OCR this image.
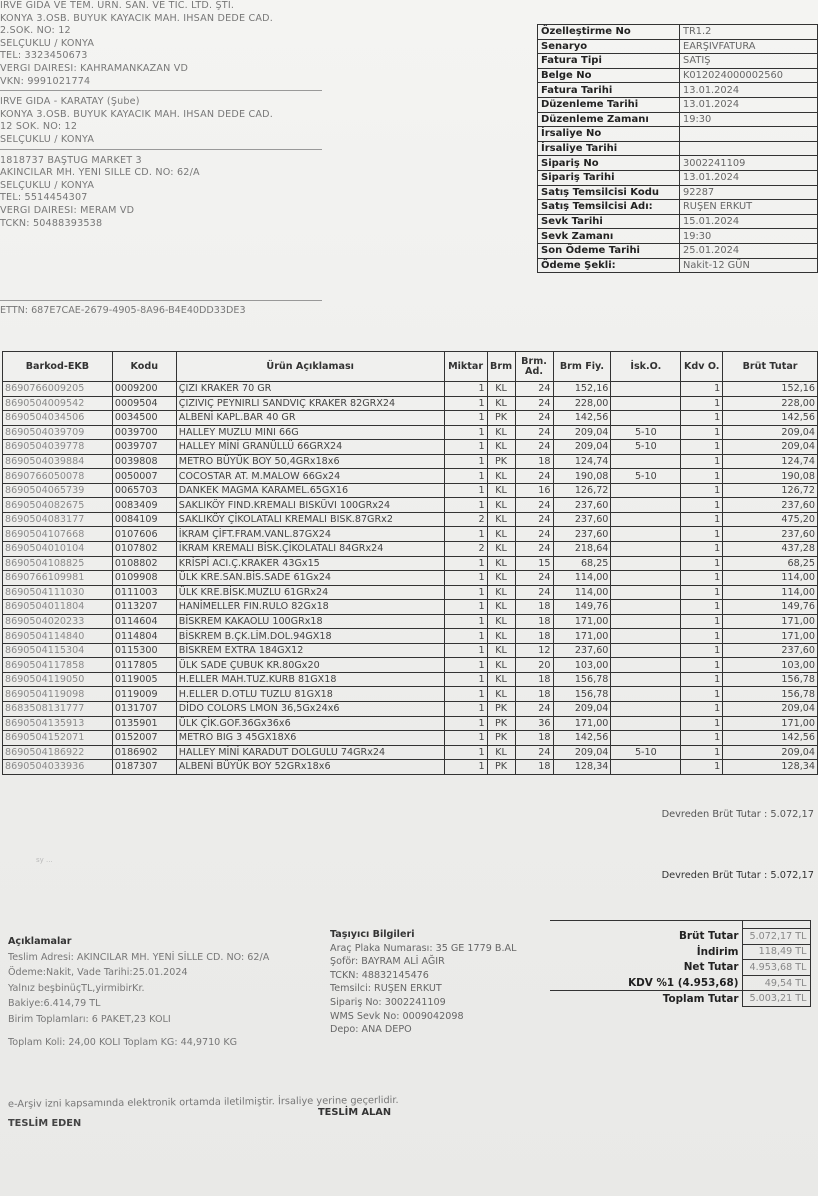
İRVE GIDA VE TEM. ÜRN. SAN. VE TİC. LTD. ŞTİ.
KONYA 3.OSB. BUYUK KAYACIK MAH. IHSAN DEDE CAD.
2.SOK. NO: 12
SELÇUKLU / KONYA
TEL: 3323450673
VERGI DAIRESI: KAHRAMANKAZAN VD
VKN: 9991021774
İRVE GIDA - KARATAY (Şube)
KONYA 3.OSB. BUYUK KAYACIK MAH. IHSAN DEDE CAD.
12 SOK. NO: 12
SELÇUKLU / KONYA
1818737 BAŞTUĞ MARKET 3
AKINCILAR MH. YENİ SİLLE CD. NO: 62/A
SELÇUKLU / KONYA
TEL: 5514454307
VERGI DAIRESI: MERAM VD
TCKN: 50488393538
ETTN: 687E7CAE-2679-4905-8A96-B4E40DD33DE3
Özelleştirme No	TR1.2
Senaryo	EARŞIVFATURA
Fatura Tipi	SATIŞ
Belge No	K012024000002560
Fatura Tarihi	13.01.2024
Düzenleme Tarihi	13.01.2024
Düzenleme Zamanı	19:30
İrsaliye No	
İrsaliye Tarihi	
Sipariş No	3002241109
Sipariş Tarihi	13.01.2024
Satış Temsilcisi Kodu	92287
Satış Temsilcisi Adı:	RUŞEN ERKUT
Sevk Tarihi	15.01.2024
Sevk Zamanı	19:30
Son Ödeme Tarihi	25.01.2024
Ödeme Şekli:	Nakit-12 GÜN
Barkod-EKB	Kodu	Ürün Açıklaması	Miktar	Brm	Brm. Ad.	Brm Fiy.	İsk.O.	Kdv O.	Brüt Tutar
8690766009205	0009200	ÇIZI KRAKER 70 GR	1	KL	24	152,16		1	152,16
8690504009542	0009504	ÇIZIVIÇ PEYNIRLI SANDVIÇ KRAKER 82GRX24	1	KL	24	228,00		1	228,00
8690504034506	0034500	ALBENİ KAPL.BAR 40 GR	1	PK	24	142,56		1	142,56
8690504039709	0039700	HALLEY MUZLU MINI 66G	1	KL	24	209,04	5-10	1	209,04
8690504039778	0039707	HALLEY MİNİ GRANÜLLÜ 66GRX24	1	KL	24	209,04	5-10	1	209,04
8690504039884	0039808	METRO BÜYÜK BOY 50,4GRx18x6	1	PK	18	124,74		1	124,74
8690766050078	0050007	COCOSTAR AT. M.MALOW 66Gx24	1	KL	24	190,08	5-10	1	190,08
8690504065739	0065703	DANKEK MAGMA KARAMEL.65GX16	1	KL	16	126,72		1	126,72
8690504082675	0083409	SAKLIKÖY FIND.KREMALI BISKÜVI 100GRx24	1	KL	24	237,60		1	237,60
8690504083177	0084109	SAKLIKÖY ÇİKOLATALI KREMALI BISK.87GRx2	2	KL	24	237,60		1	475,20
8690504107668	0107606	İKRAM ÇİFT.FRAM.VANL.87GX24	1	KL	24	237,60		1	237,60
8690504010104	0107802	İKRAM KREMALI BİSK.ÇİKOLATALI 84GRx24	2	KL	24	218,64		1	437,28
8690504108825	0108802	KRİSPİ ACI.Ç.KRAKER 43Gx15	1	KL	15	68,25		1	68,25
8690766109981	0109908	ÜLK KRE.SAN.BİS.SADE 61Gx24	1	KL	24	114,00		1	114,00
8690504111030	0111003	ÜLK KRE.BİSK.MUZLU 61GRx24	1	KL	24	114,00		1	114,00
8690504011804	0113207	HANİMELLER FIN.RULO 82Gx18	1	KL	18	149,76		1	149,76
8690504020233	0114604	BİSKREM KAKAOLU 100GRx18	1	KL	18	171,00		1	171,00
8690504114840	0114804	BİSKREM B.ÇK.LİM.DOL.94GX18	1	KL	18	171,00		1	171,00
8690504115304	0115300	BİSKREM EXTRA 184GX12	1	KL	12	237,60		1	237,60
8690504117858	0117805	ÜLK SADE ÇUBUK KR.80Gx20	1	KL	20	103,00		1	103,00
8690504119050	0119005	H.ELLER MAH.TUZ.KURB 81GX18	1	KL	18	156,78		1	156,78
8690504119098	0119009	H.ELLER D.OTLU TUZLU 81GX18	1	KL	18	156,78		1	156,78
8683508131777	0131707	DİDO COLORS LMON 36,5Gx24x6	1	PK	24	209,04		1	209,04
8690504135913	0135901	ÜLK ÇİK.GOF.36Gx36x6	1	PK	36	171,00		1	171,00
8690504152071	0152007	METRO BIG 3 45GX18X6	1	PK	18	142,56		1	142,56
8690504186922	0186902	HALLEY MİNİ KARADUT DOLGULU 74GRx24	1	KL	24	209,04	5-10	1	209,04
8690504033936	0187307	ALBENİ BÜYÜK BOY 52GRx18x6	1	PK	18	128,34		1	128,34
Devreden Brüt Tutar : 5.072,17
sy ...
Devreden Brüt Tutar : 5.072,17
Açıklamalar
Teslim Adresi: AKINCILAR MH. YENİ SİLLE CD. NO: 62/A
Ödeme:Nakit, Vade Tarihi:25.01.2024
Yalnız beşbinüçTL,yirmibirKr.
Bakiye:6.414,79 TL
Birim Toplamları: 6 PAKET,23 KOLI
Toplam Koli: 24,00 KOLI Toplam KG: 44,9710 KG
Taşıyıcı Bilgileri
Araç Plaka Numarası: 35 GE 1779 B.AL
Şoför: BAYRAM ALİ AĞIR
TCKN: 48832145476
Temsilci: RUŞEN ERKUT
Sipariş No: 3002241109
WMS Sevk No: 0009042098
Depo: ANA DEPO

Brüt Tutar	5.072,17 TL
İndirim	118,49 TL
Net Tutar	4.953,68 TL
KDV %1 (4.953,68)	49,54 TL
Toplam Tutar	5.003,21 TL
e-Arşiv izni kapsamında elektronik ortamda iletilmiştir. İrsaliye yerine geçerlidir.
TESLİM ALAN
TESLİM EDEN
